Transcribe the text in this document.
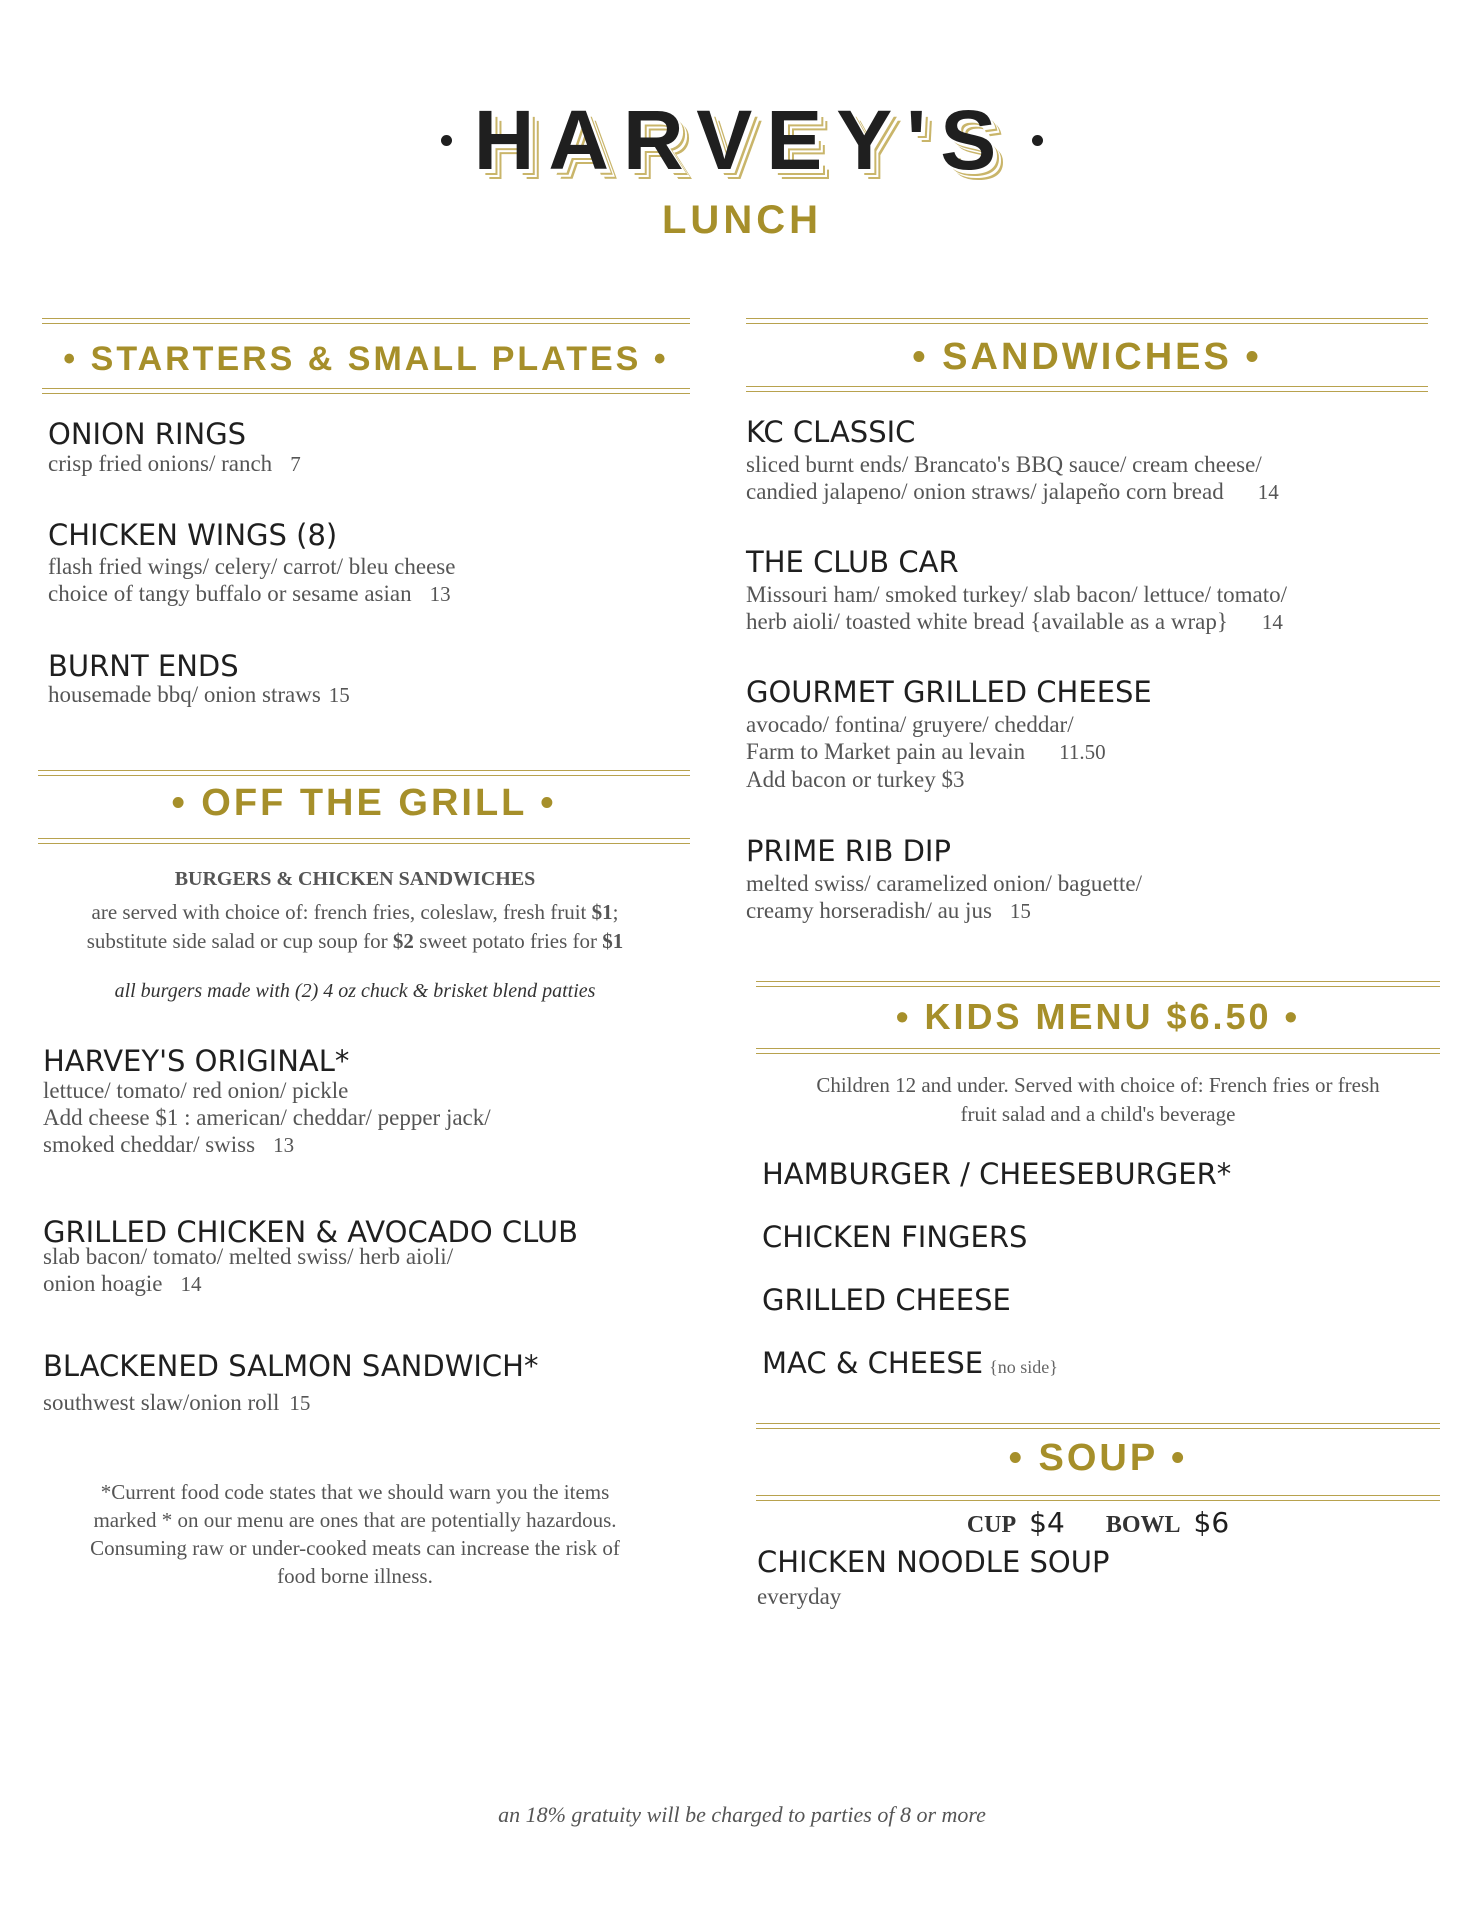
HARVEY'S
LUNCH
• STARTERS & SMALL PLATES •
ONION RINGS
crisp fried onions/ ranch 7
CHICKEN WINGS (8)
flash fried wings/ celery/ carrot/ bleu cheese
choice of tangy buffalo or sesame asian 13
BURNT ENDS
housemade bbq/ onion straws 15
• OFF THE GRILL •
BURGERS & CHICKEN SANDWICHES
are served with choice of: french fries, coleslaw, fresh fruit $1;
substitute side salad or cup soup for $2 sweet potato fries for $1
all burgers made with (2) 4 oz chuck & brisket blend patties
HARVEY'S ORIGINAL*
lettuce/ tomato/ red onion/ pickle
Add cheese $1 : american/ cheddar/ pepper jack/
smoked cheddar/ swiss 13
GRILLED CHICKEN & AVOCADO CLUB
slab bacon/ tomato/ melted swiss/ herb aioli/
onion hoagie 14
BLACKENED SALMON SANDWICH*
southwest slaw/onion roll 15
*Current food code states that we should warn you the items
marked * on our menu are ones that are potentially hazardous.
Consuming raw or under-cooked meats can increase the risk of
food borne illness.
• SANDWICHES •
KC CLASSIC
sliced burnt ends/ Brancato's BBQ sauce/ cream cheese/
candied jalapeno/ onion straws/ jalapeño corn bread 14
THE CLUB CAR
Missouri ham/ smoked turkey/ slab bacon/ lettuce/ tomato/
herb aioli/ toasted white bread {available as a wrap} 14
GOURMET GRILLED CHEESE
avocado/ fontina/ gruyere/ cheddar/
Farm to Market pain au levain 11.50
Add bacon or turkey $3
PRIME RIB DIP
melted swiss/ caramelized onion/ baguette/
creamy horseradish/ au jus 15
• KIDS MENU $6.50 •
Children 12 and under. Served with choice of: French fries or fresh
fruit salad and a child's beverage
HAMBURGER / CHEESEBURGER*
CHICKEN FINGERS
GRILLED CHEESE
MAC & CHEESE {no side}
• SOUP •
CUP $4 BOWL $6
CHICKEN NOODLE SOUP
everyday
an 18% gratuity will be charged to parties of 8 or more
